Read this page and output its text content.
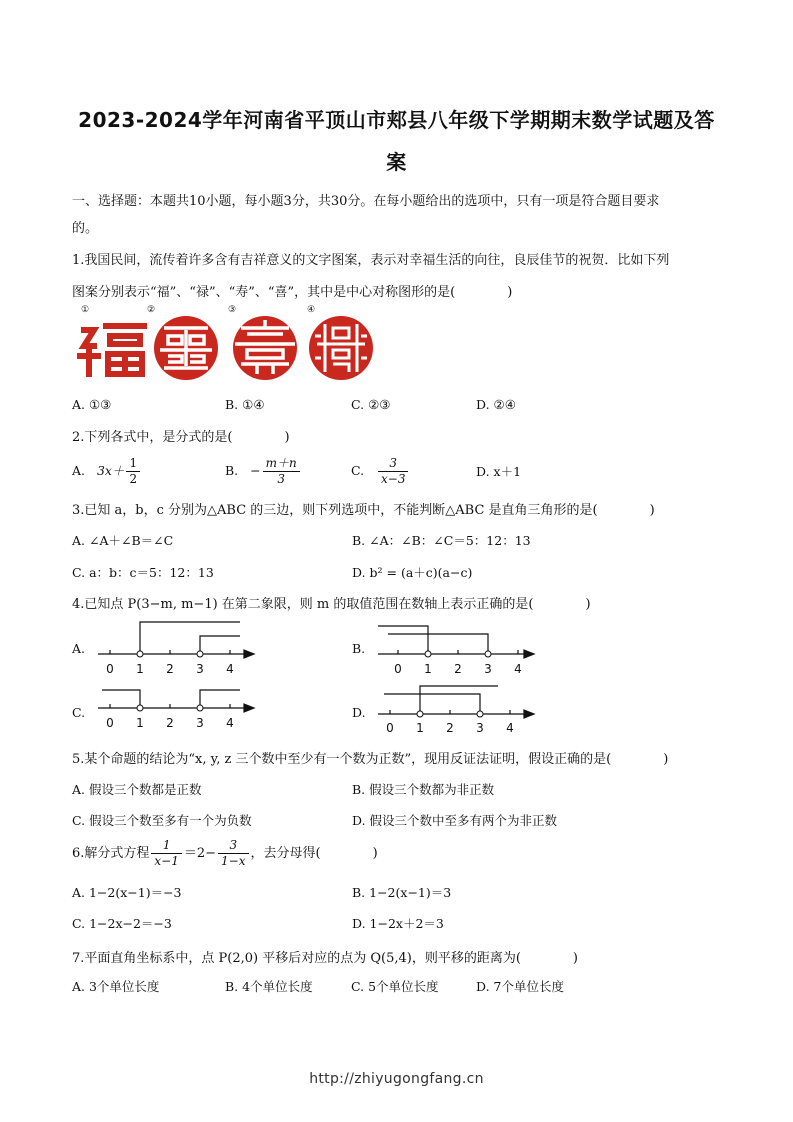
2023-2024学年河南省平顶山市郏县八年级下学期期末数学试题及答
案
一、选择题：本题共10小题，每小题3分，共30分。在每小题给出的选项中，只有一项是符合题目要求
的。
1.我国民间，流传着许多含有吉祥意义的文字图案，表示对幸福生活的向往，良辰佳节的祝贺．比如下列
图案分别表示“福”、“禄”、“寿”、“喜”，其中是中心对称图形的是(　　　　)
①	②	③	④
A. ①③	B. ①④	C. ②③	D. ②④
2.下列各式中，是分式的是(　　　　)
A. $3x+ \frac{1}{2}$	B. − $\frac{m+n}{3}$	C. $\frac{3}{x-3}$	D. x＋1
3.已知 a，b，c 分别为△ABC 的三边，则下列选项中，不能判断△ABC 是直角三角形的是(　　　　)
A. ∠A＋∠B＝∠C	B. ∠A：∠B：∠C＝5：12：13
C. a：b：c＝5：12：13	D. b² = (a＋c)(a−c)
4.已知点 P(3−m, m−1) 在第二象限，则 m 的取值范围在数轴上表示正确的是(　　　　)
A.	B.
C.	D.
0 1 2 3 4	0 1 2 3 4
0 1 2 3 4	0 1 2 3 4
5.某个命题的结论为“x, y, z 三个数中至少有一个数为正数”，现用反证法证明，假设正确的是(　　　　)
A. 假设三个数都是正数	B. 假设三个数都为非正数
C. 假设三个数至多有一个为负数	D. 假设三个数中至多有两个为非正数
6.解分式方程 $\frac{1}{x-1} =2- \frac{3}{1-x}$ ，去分母得(　　　　)
A. 1−2(x−1)＝−3	B. 1−2(x−1)＝3
C. 1−2x−2＝−3	D. 1−2x＋2＝3
7.平面直角坐标系中，点 P(2,0) 平移后对应的点为 Q(5,4)，则平移的距离为(　　　　)
A. 3个单位长度	B. 4个单位长度	C. 5个单位长度	D. 7个单位长度
http://zhiyugongfang.cn
